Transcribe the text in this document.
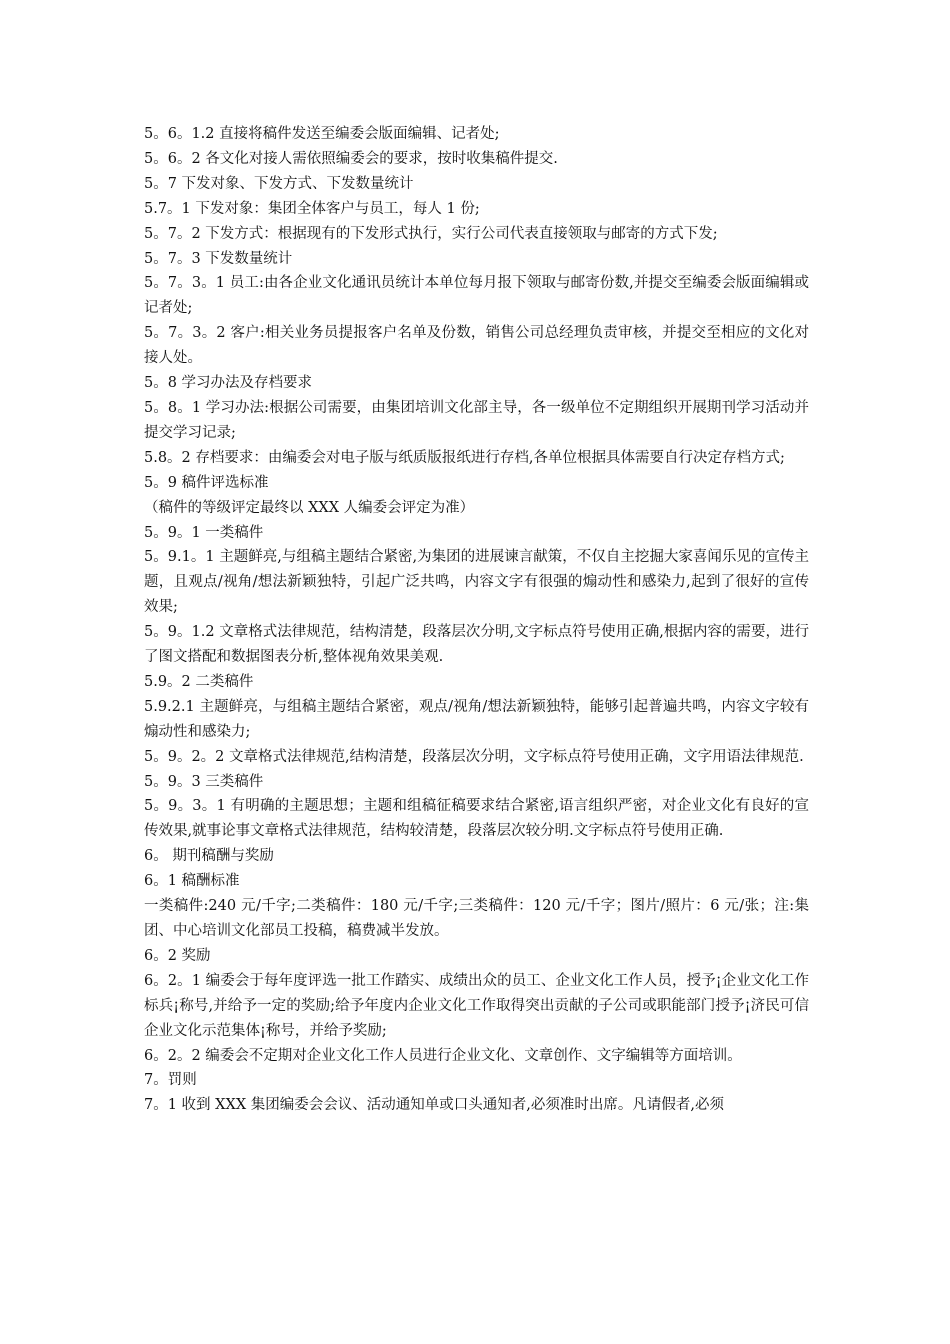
5。6。1.2 直接将稿件发送至编委会版面编辑、记者处;

5。6。2 各文化对接人需依照编委会的要求，按时收集稿件提交.

5。7 下发对象、下发方式、下发数量统计

5.7。1 下发对象：集团全体客户与员工，每人 1 份;

5。7。2 下发方式：根据现有的下发形式执行，实行公司代表直接领取与邮寄的方式下发;

5。7。3 下发数量统计

5。7。3。1 员工:由各企业文化通讯员统计本单位每月报下领取与邮寄份数,并提交至编委会版面编辑或记者处;

5。7。3。2 客户:相关业务员提报客户名单及份数，销售公司总经理负责审核，并提交至相应的文化对接人处。

5。8 学习办法及存档要求

5。8。1 学习办法:根据公司需要，由集团培训文化部主导，各一级单位不定期组织开展期刊学习活动并提交学习记录;

5.8。2 存档要求：由编委会对电子版与纸质版报纸进行存档,各单位根据具体需要自行决定存档方式;

5。9 稿件评选标准

（稿件的等级评定最终以 XXX 人编委会评定为准）

5。9。1 一类稿件

5。9.1。1 主题鲜亮,与组稿主题结合紧密,为集团的进展谏言献策，不仅自主挖掘大家喜闻乐见的宣传主题，且观点/视角/想法新颖独特，引起广泛共鸣，内容文字有很强的煽动性和感染力,起到了很好的宣传效果;

5。9。1.2 文章格式法律规范，结构清楚，段落层次分明,文字标点符号使用正确,根据内容的需要，进行了图文搭配和数据图表分析,整体视角效果美观.

5.9。2 二类稿件

5.9.2.1 主题鲜亮，与组稿主题结合紧密，观点/视角/想法新颖独特，能够引起普遍共鸣，内容文字较有煽动性和感染力;

5。9。2。2 文章格式法律规范,结构清楚，段落层次分明，文字标点符号使用正确，文字用语法律规范.

5。9。3 三类稿件

5。9。3。1 有明确的主题思想；主题和组稿征稿要求结合紧密,语言组织严密，对企业文化有良好的宣传效果,就事论事文章格式法律规范，结构较清楚，段落层次较分明.文字标点符号使用正确.

6。 期刊稿酬与奖励

6。1 稿酬标准

一类稿件:240 元/千字;二类稿件：180 元/千字;三类稿件：120 元/千字；图片/照片：6 元/张；注:集团、中心培训文化部员工投稿，稿费减半发放。

6。2 奖励

6。2。1 编委会于每年度评选一批工作踏实、成绩出众的员工、企业文化工作人员，授予¡企业文化工作标兵¡称号,并给予一定的奖励;给予年度内企业文化工作取得突出贡献的子公司或职能部门授予¡济民可信企业文化示范集体¡称号，并给予奖励;

6。2。2 编委会不定期对企业文化工作人员进行企业文化、文章创作、文字编辑等方面培训。

7。罚则

7。1 收到 XXX 集团编委会会议、活动通知单或口头通知者,必须准时出席。凡请假者,必须
